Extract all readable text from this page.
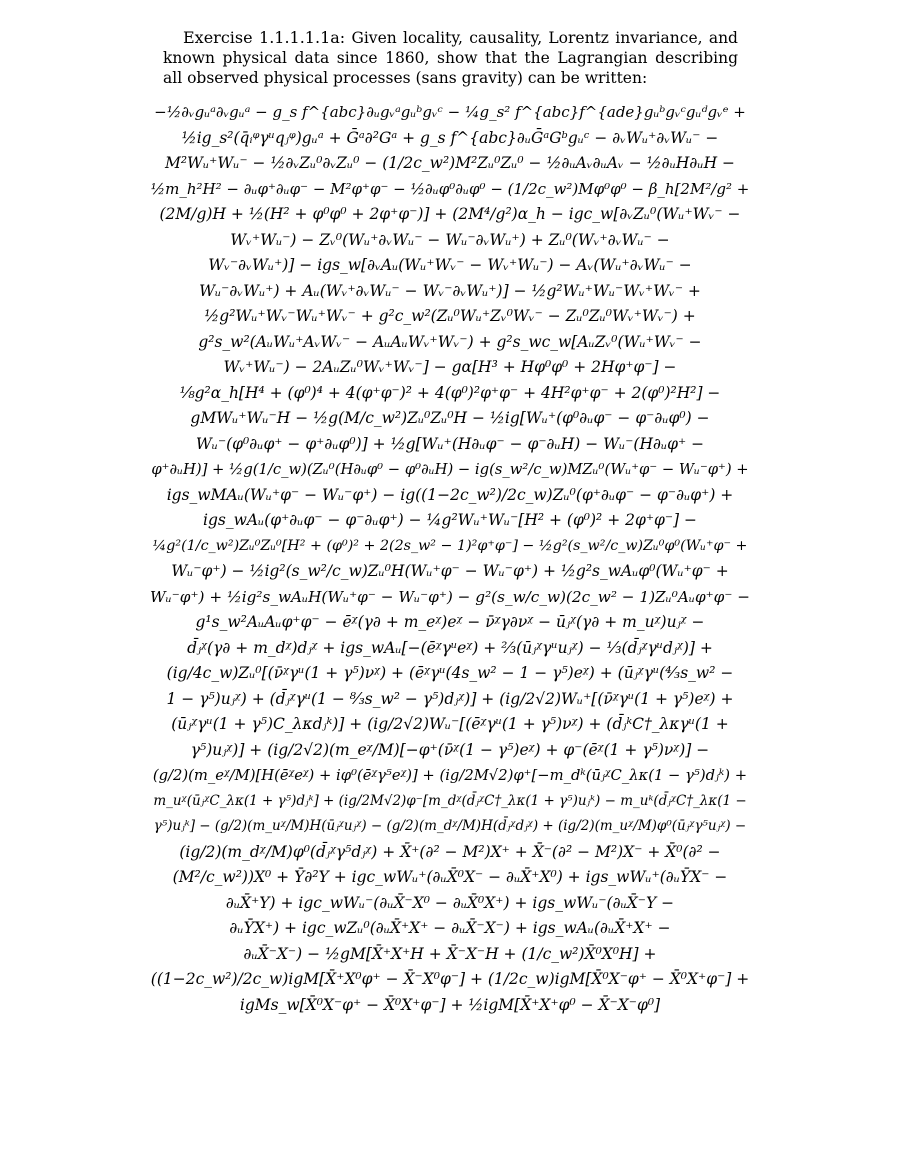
Exercise 1.1.1.1.1a: Given locality, causality, Lorentz invariance, and known physical data since 1860, show that the Lagrangian describing all observed physical processes (sans gravity) can be written:

−½∂ᵥgᵤᵃ∂ᵥgᵤᵃ − g_s f^{abc}∂ᵤgᵥᵃgᵤᵇgᵥᶜ − ¼g_s² f^{abc}f^{ade}gᵤᵇgᵥᶜgᵤᵈgᵥᵉ +
½ig_s²(q̄ᵢᵠγᵘqⱼᵠ)gᵤᵃ + Ḡᵃ∂²Gᵃ + g_s f^{abc}∂ᵤḠᵃGᵇgᵤᶜ − ∂ᵥWᵤ⁺∂ᵥWᵤ⁻ −
M²Wᵤ⁺Wᵤ⁻ − ½∂ᵥZᵤ⁰∂ᵥZᵤ⁰ − (1/2c_w²)M²Zᵤ⁰Zᵤ⁰ − ½∂ᵤAᵥ∂ᵤAᵥ − ½∂ᵤH∂ᵤH −
½m_h²H² − ∂ᵤφ⁺∂ᵤφ⁻ − M²φ⁺φ⁻ − ½∂ᵤφ⁰∂ᵤφ⁰ − (1/2c_w²)Mφ⁰φ⁰ − β_h[2M²/g² +
(2M/g)H + ½(H² + φ⁰φ⁰ + 2φ⁺φ⁻)] + (2M⁴/g²)α_h − igc_w[∂ᵥZᵤ⁰(Wᵤ⁺Wᵥ⁻ −
Wᵥ⁺Wᵤ⁻) − Zᵥ⁰(Wᵤ⁺∂ᵥWᵤ⁻ − Wᵤ⁻∂ᵥWᵤ⁺) + Zᵤ⁰(Wᵥ⁺∂ᵥWᵤ⁻ −
Wᵥ⁻∂ᵥWᵤ⁺)] − igs_w[∂ᵥAᵤ(Wᵤ⁺Wᵥ⁻ − Wᵥ⁺Wᵤ⁻) − Aᵥ(Wᵤ⁺∂ᵥWᵤ⁻ −
Wᵤ⁻∂ᵥWᵤ⁺) + Aᵤ(Wᵥ⁺∂ᵥWᵤ⁻ − Wᵥ⁻∂ᵥWᵤ⁺)] − ½g²Wᵤ⁺Wᵤ⁻Wᵥ⁺Wᵥ⁻ +
½g²Wᵤ⁺Wᵥ⁻Wᵤ⁺Wᵥ⁻ + g²c_w²(Zᵤ⁰Wᵤ⁺Zᵥ⁰Wᵥ⁻ − Zᵤ⁰Zᵤ⁰Wᵥ⁺Wᵥ⁻) +
g²s_w²(AᵤWᵤ⁺AᵥWᵥ⁻ − AᵤAᵤWᵥ⁺Wᵥ⁻) + g²s_wc_w[AᵤZᵥ⁰(Wᵤ⁺Wᵥ⁻ −
Wᵥ⁺Wᵤ⁻) − 2AᵤZᵤ⁰Wᵥ⁺Wᵥ⁻] − gα[H³ + Hφ⁰φ⁰ + 2Hφ⁺φ⁻] −
⅛g²α_h[H⁴ + (φ⁰)⁴ + 4(φ⁺φ⁻)² + 4(φ⁰)²φ⁺φ⁻ + 4H²φ⁺φ⁻ + 2(φ⁰)²H²] −
gMWᵤ⁺Wᵤ⁻H − ½g(M/c_w²)Zᵤ⁰Zᵤ⁰H − ½ig[Wᵤ⁺(φ⁰∂ᵤφ⁻ − φ⁻∂ᵤφ⁰) −
Wᵤ⁻(φ⁰∂ᵤφ⁺ − φ⁺∂ᵤφ⁰)] + ½g[Wᵤ⁺(H∂ᵤφ⁻ − φ⁻∂ᵤH) − Wᵤ⁻(H∂ᵤφ⁺ −
φ⁺∂ᵤH)] + ½g(1/c_w)(Zᵤ⁰(H∂ᵤφ⁰ − φ⁰∂ᵤH) − ig(s_w²/c_w)MZᵤ⁰(Wᵤ⁺φ⁻ − Wᵤ⁻φ⁺) +
igs_wMAᵤ(Wᵤ⁺φ⁻ − Wᵤ⁻φ⁺) − ig((1−2c_w²)/2c_w)Zᵤ⁰(φ⁺∂ᵤφ⁻ − φ⁻∂ᵤφ⁺) +
igs_wAᵤ(φ⁺∂ᵤφ⁻ − φ⁻∂ᵤφ⁺) − ¼g²Wᵤ⁺Wᵤ⁻[H² + (φ⁰)² + 2φ⁺φ⁻] −
¼g²(1/c_w²)Zᵤ⁰Zᵤ⁰[H² + (φ⁰)² + 2(2s_w² − 1)²φ⁺φ⁻] − ½g²(s_w²/c_w)Zᵤ⁰φ⁰(Wᵤ⁺φ⁻ +
Wᵤ⁻φ⁺) − ½ig²(s_w²/c_w)Zᵤ⁰H(Wᵤ⁺φ⁻ − Wᵤ⁻φ⁺) + ½g²s_wAᵤφ⁰(Wᵤ⁺φ⁻ +
Wᵤ⁻φ⁺) + ½ig²s_wAᵤH(Wᵤ⁺φ⁻ − Wᵤ⁻φ⁺) − g²(s_w/c_w)(2c_w² − 1)Zᵤ⁰Aᵤφ⁺φ⁻ −
g¹s_w²AᵤAᵤφ⁺φ⁻ − ēᵡ(γ∂ + m_eᵡ)eᵡ − ν̄ᵡγ∂νᵡ − ūⱼᵡ(γ∂ + m_uᵡ)uⱼᵡ −
d̄ⱼᵡ(γ∂ + m_dᵡ)dⱼᵡ + igs_wAᵤ[−(ēᵡγᵘeᵡ) + ⅔(ūⱼᵡγᵘuⱼᵡ) − ⅓(d̄ⱼᵡγᵘdⱼᵡ)] +
(ig/4c_w)Zᵤ⁰[(ν̄ᵡγᵘ(1 + γ⁵)νᵡ) + (ēᵡγᵘ(4s_w² − 1 − γ⁵)eᵡ) + (ūⱼᵡγᵘ(⁴⁄₃s_w² −
1 − γ⁵)uⱼᵡ) + (d̄ⱼᵡγᵘ(1 − ⁸⁄₃s_w² − γ⁵)dⱼᵡ)] + (ig/2√2)Wᵤ⁺[(ν̄ᵡγᵘ(1 + γ⁵)eᵡ) +
(ūⱼᵡγᵘ(1 + γ⁵)C_λκdⱼᵏ)] + (ig/2√2)Wᵤ⁻[(ēᵡγᵘ(1 + γ⁵)νᵡ) + (d̄ⱼᵏC†_λκγᵘ(1 +
γ⁵)uⱼᵡ)] + (ig/2√2)(m_eᵡ/M)[−φ⁺(ν̄ᵡ(1 − γ⁵)eᵡ) + φ⁻(ēᵡ(1 + γ⁵)νᵡ)] −
(g/2)(m_eᵡ/M)[H(ēᵡeᵡ) + iφ⁰(ēᵡγ⁵eᵡ)] + (ig/2M√2)φ⁺[−m_dᵏ(ūⱼᵡC_λκ(1 − γ⁵)dⱼᵏ) +
m_uᵡ(ūⱼᵡC_λκ(1 + γ⁵)dⱼᵏ] + (ig/2M√2)φ⁻[m_dᵡ(d̄ⱼᵡC†_λκ(1 + γ⁵)uⱼᵏ) − m_uᵏ(d̄ⱼᵡC†_λκ(1 −
γ⁵)uⱼᵏ] − (g/2)(m_uᵡ/M)H(ūⱼᵡuⱼᵡ) − (g/2)(m_dᵡ/M)H(d̄ⱼᵡdⱼᵡ) + (ig/2)(m_uᵡ/M)φ⁰(ūⱼᵡγ⁵uⱼᵡ) −
(ig/2)(m_dᵡ/M)φ⁰(d̄ⱼᵡγ⁵dⱼᵡ) + X̄⁺(∂² − M²)X⁺ + X̄⁻(∂² − M²)X⁻ + X̄⁰(∂² −
(M²/c_w²))X⁰ + Ȳ∂²Y + igc_wWᵤ⁺(∂ᵤX̄⁰X⁻ − ∂ᵤX̄⁺X⁰) + igs_wWᵤ⁺(∂ᵤȲX⁻ −
∂ᵤX̄⁺Y) + igc_wWᵤ⁻(∂ᵤX̄⁻X⁰ − ∂ᵤX̄⁰X⁺) + igs_wWᵤ⁻(∂ᵤX̄⁻Y −
∂ᵤȲX⁺) + igc_wZᵤ⁰(∂ᵤX̄⁺X⁺ − ∂ᵤX̄⁻X⁻) + igs_wAᵤ(∂ᵤX̄⁺X⁺ −
∂ᵤX̄⁻X⁻) − ½gM[X̄⁺X⁺H + X̄⁻X⁻H + (1/c_w²)X̄⁰X⁰H] +
((1−2c_w²)/2c_w)igM[X̄⁺X⁰φ⁺ − X̄⁻X⁰φ⁻] + (1/2c_w)igM[X̄⁰X⁻φ⁺ − X̄⁰X⁺φ⁻] +
igMs_w[X̄⁰X⁻φ⁺ − X̄⁰X⁺φ⁻] + ½igM[X̄⁺X⁺φ⁰ − X̄⁻X⁻φ⁰]
